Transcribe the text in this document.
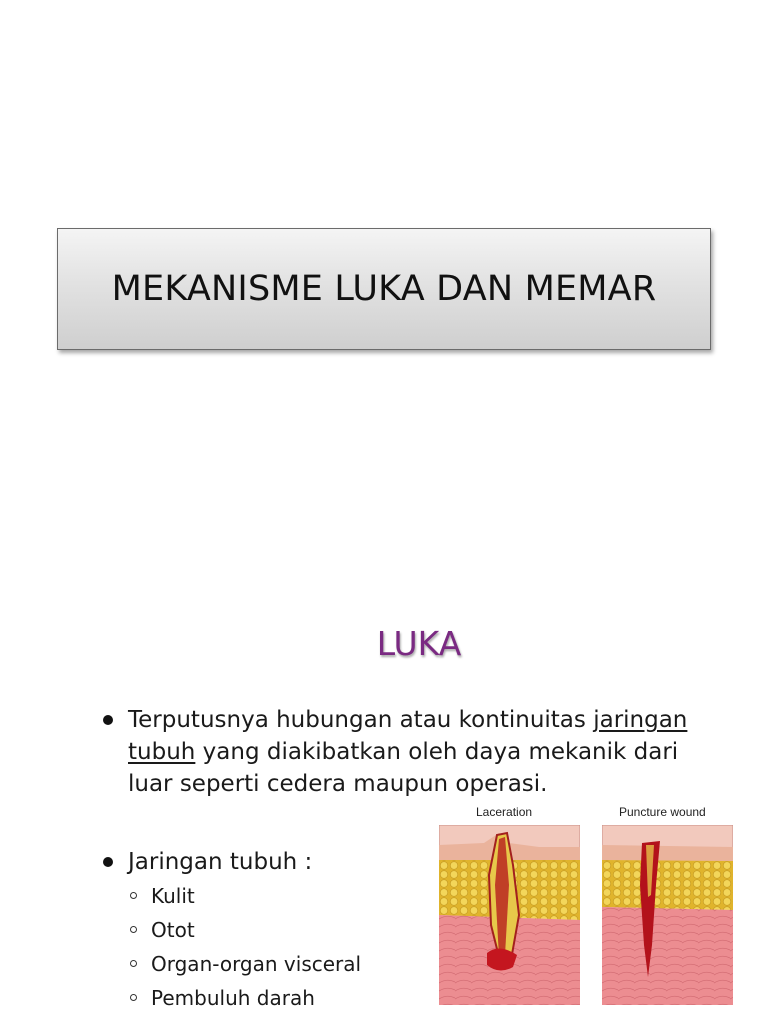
MEKANISME LUKA DAN MEMAR
LUKA
Terputusnya hubungan atau kontinuitas jaringan
tubuh yang diakibatkan oleh daya mekanik dari
luar seperti cedera maupun operasi.
Jaringan tubuh :
Kulit
Otot
Organ-organ visceral
Pembuluh darah
Laceration	Puncture wound
